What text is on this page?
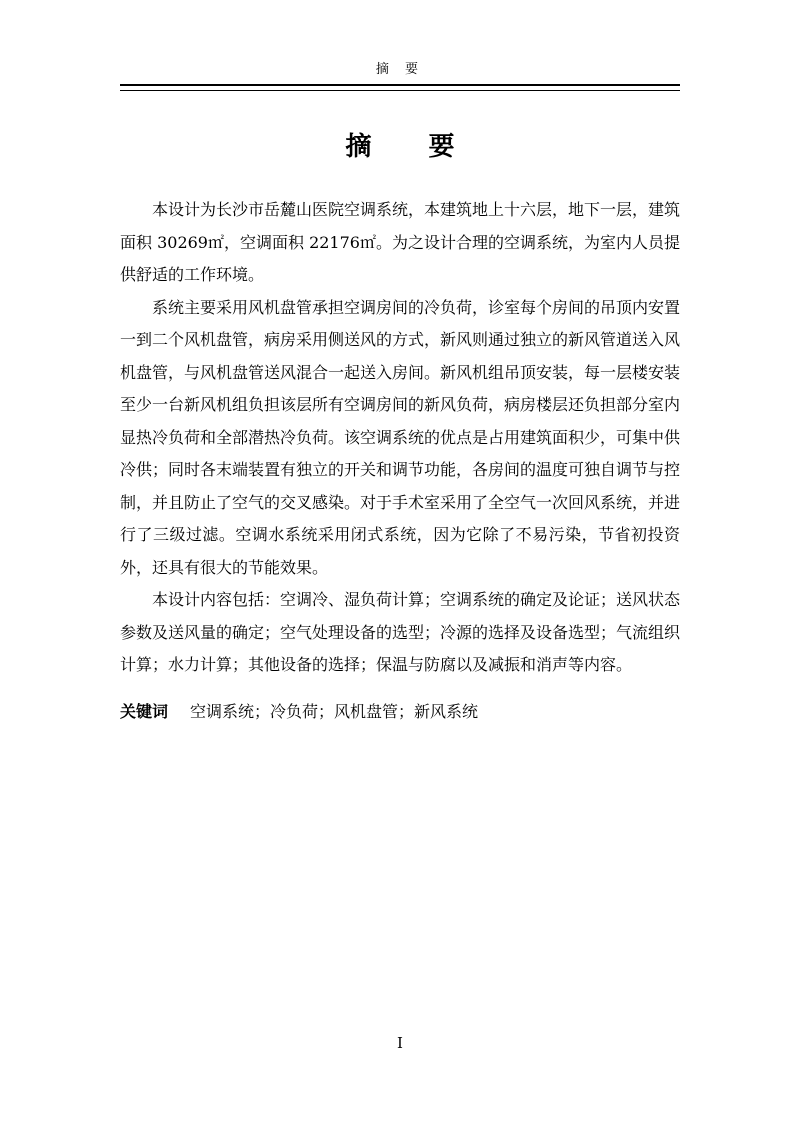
摘 要
摘 要

本设计为长沙市岳麓山医院空调系统，本建筑地上十六层，地下一层，建筑面积 30269㎡，空调面积 22176㎡。为之设计合理的空调系统，为室内人员提供舒适的工作环境。

系统主要采用风机盘管承担空调房间的冷负荷，诊室每个房间的吊顶内安置一到二个风机盘管，病房采用侧送风的方式，新风则通过独立的新风管道送入风机盘管，与风机盘管送风混合一起送入房间。新风机组吊顶安装，每一层楼安装至少一台新风机组负担该层所有空调房间的新风负荷，病房楼层还负担部分室内显热冷负荷和全部潜热冷负荷。该空调系统的优点是占用建筑面积少，可集中供冷供；同时各末端装置有独立的开关和调节功能，各房间的温度可独自调节与控制，并且防止了空气的交叉感染。对于手术室采用了全空气一次回风系统，并进行了三级过滤。空调水系统采用闭式系统，因为它除了不易污染，节省初投资外，还具有很大的节能效果。

本设计内容包括：空调冷、湿负荷计算；空调系统的确定及论证；送风状态参数及送风量的确定；空气处理设备的选型；冷源的选择及设备选型；气流组织计算；水力计算；其他设备的选择；保温与防腐以及减振和消声等内容。

关键词 空调系统；冷负荷；风机盘管；新风系统
I
